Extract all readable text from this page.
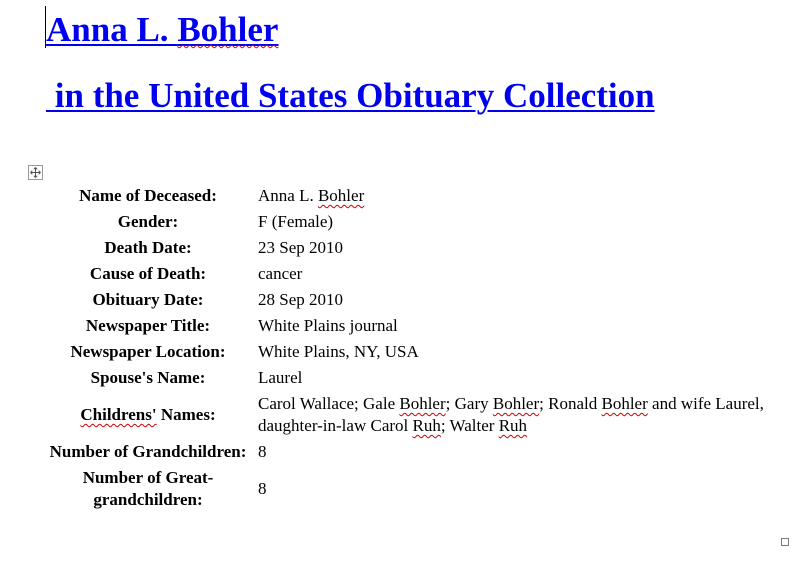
Anna L. Bohler
in the United States Obituary Collection
Name of Deceased:	Anna L. Bohler
Gender:	F (Female)
Death Date:	23 Sep 2010
Cause of Death:	cancer
Obituary Date:	28 Sep 2010
Newspaper Title:	White Plains journal
Newspaper Location:	White Plains, NY, USA
Spouse's Name:	Laurel
Childrens' Names:	Carol Wallace; Gale Bohler; Gary Bohler; Ronald Bohler and wife Laurel, daughter-in-law Carol Ruh; Walter Ruh
Number of Grandchildren:	8
Number of Great-grandchildren:	8
